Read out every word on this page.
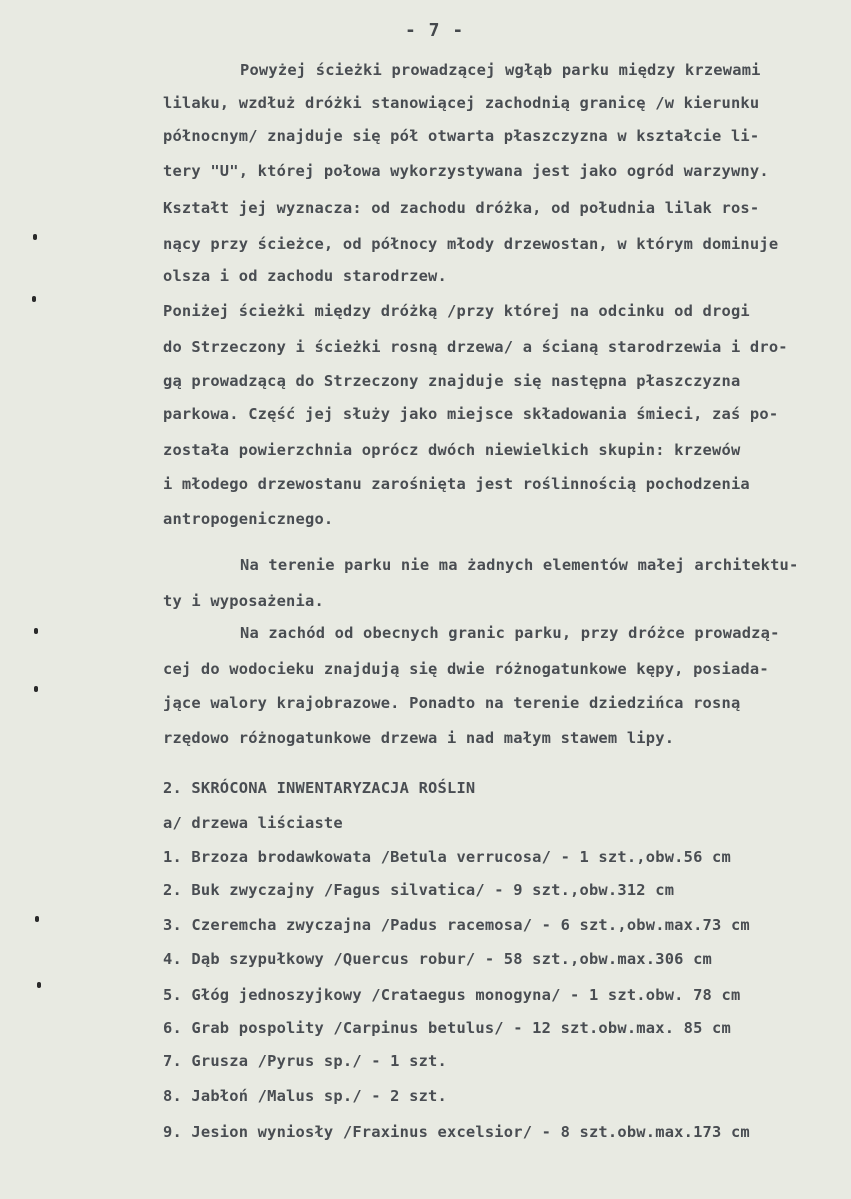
- 7 -
Powyżej ścieżki prowadzącej wgłąb parku między krzewami
lilaku, wzdłuż dróżki stanowiącej zachodnią granicę /w kierunku
północnym/ znajduje się pół otwarta płaszczyzna w kształcie li-
tery "U", której połowa wykorzystywana jest jako ogród warzywny.
Kształt jej wyznacza: od zachodu dróżka, od południa lilak ros-
nący przy ścieżce, od północy młody drzewostan, w którym dominuje
olsza i od zachodu starodrzew.
Poniżej ścieżki między dróżką /przy której na odcinku od drogi
do Strzeczony i ścieżki rosną drzewa/ a ścianą starodrzewia i dro-
gą prowadzącą do Strzeczony znajduje się następna płaszczyzna
parkowa. Część jej służy jako miejsce składowania śmieci, zaś po-
została powierzchnia oprócz dwóch niewielkich skupin: krzewów
i młodego drzewostanu zarośnięta jest roślinnością pochodzenia
antropogenicznego.
Na terenie parku nie ma żadnych elementów małej architektu-
ty i wyposażenia.
Na zachód od obecnych granic parku, przy dróżce prowadzą-
cej do wodocieku znajdują się dwie różnogatunkowe kępy, posiada-
jące walory krajobrazowe. Ponadto na terenie dziedzińca rosną
rzędowo różnogatunkowe drzewa i nad małym stawem lipy.
2. SKRÓCONA INWENTARYZACJA ROŚLIN
a/ drzewa liściaste
1. Brzoza brodawkowata /Betula verrucosa/ - 1 szt.,obw.56 cm
2. Buk zwyczajny /Fagus silvatica/ - 9 szt.,obw.312 cm
3. Czeremcha zwyczajna /Padus racemosa/ - 6 szt.,obw.max.73 cm
4. Dąb szypułkowy /Quercus robur/ - 58 szt.,obw.max.306 cm
5. Głóg jednoszyjkowy /Crataegus monogyna/ - 1 szt.obw. 78 cm
6. Grab pospolity /Carpinus betulus/ - 12 szt.obw.max. 85 cm
7. Grusza /Pyrus sp./ - 1 szt.
8. Jabłoń /Malus sp./ - 2 szt.
9. Jesion wyniosły /Fraxinus excelsior/ - 8 szt.obw.max.173 cm
